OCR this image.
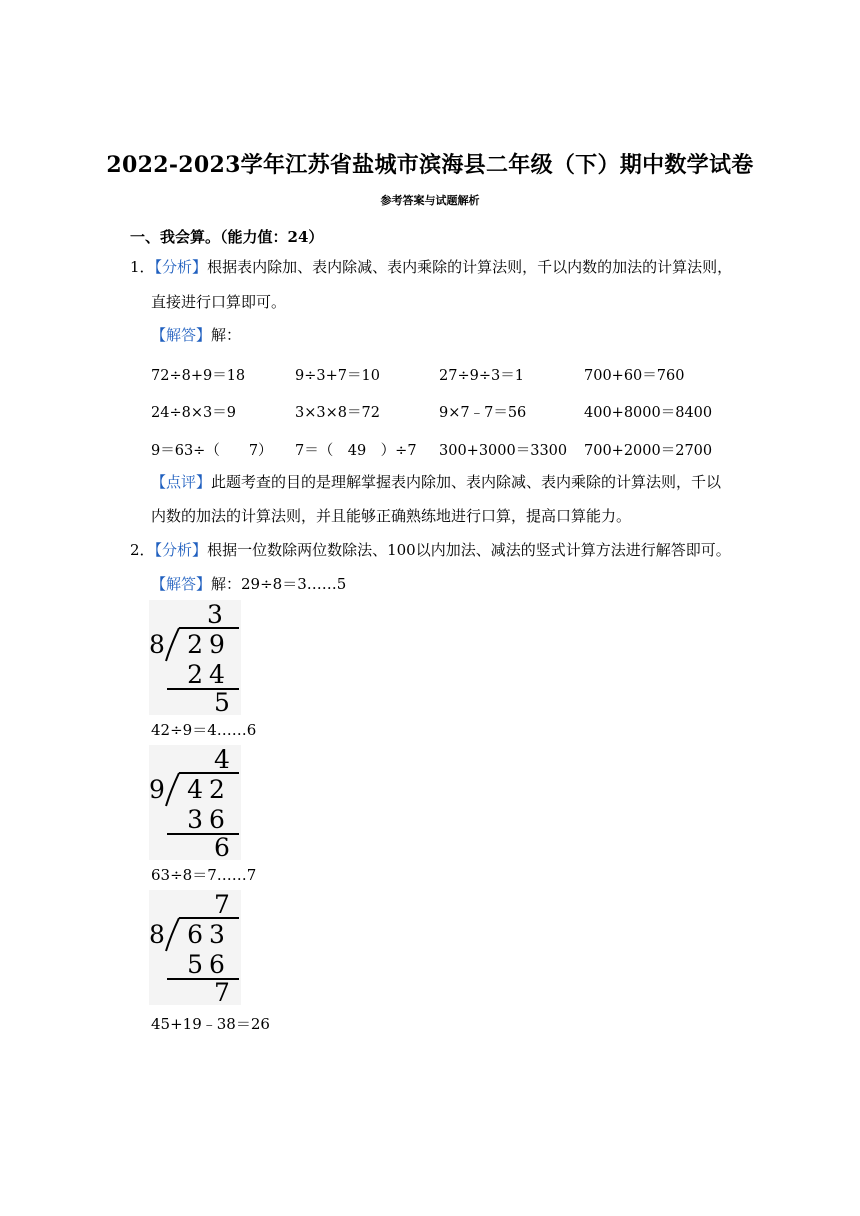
2022-2023学年江苏省盐城市滨海县二年级（下）期中数学试卷
参考答案与试题解析
一、我会算。（能力值：24）
1．【分析】根据表内除加、表内除减、表内乘除的计算法则，千以内数的加法的计算法则，
直接进行口算即可。
【解答】解：
72÷8+9＝18	9÷3+7＝10	27÷9÷3＝1	700+60＝760
24÷8×3＝9	3×3×8＝72	9×7﹣7＝56	400+8000＝8400
9＝63÷（　　7） 7＝（　49　）÷7 300+3000＝3300 700+2000＝2700
【点评】此题考查的目的是理解掌握表内除加、表内除减、表内乘除的计算法则，千以
内数的加法的计算法则，并且能够正确熟练地进行口算，提高口算能力。
2．【分析】根据一位数除两位数除法、100以内加法、减法的竖式计算方法进行解答即可。
【解答】解：29÷8＝3……5
3
8 29
24
5
42÷9＝4……6
4
9 42
36
6
63÷8＝7……7
7
8 63
56
7
45+19﹣38＝26
